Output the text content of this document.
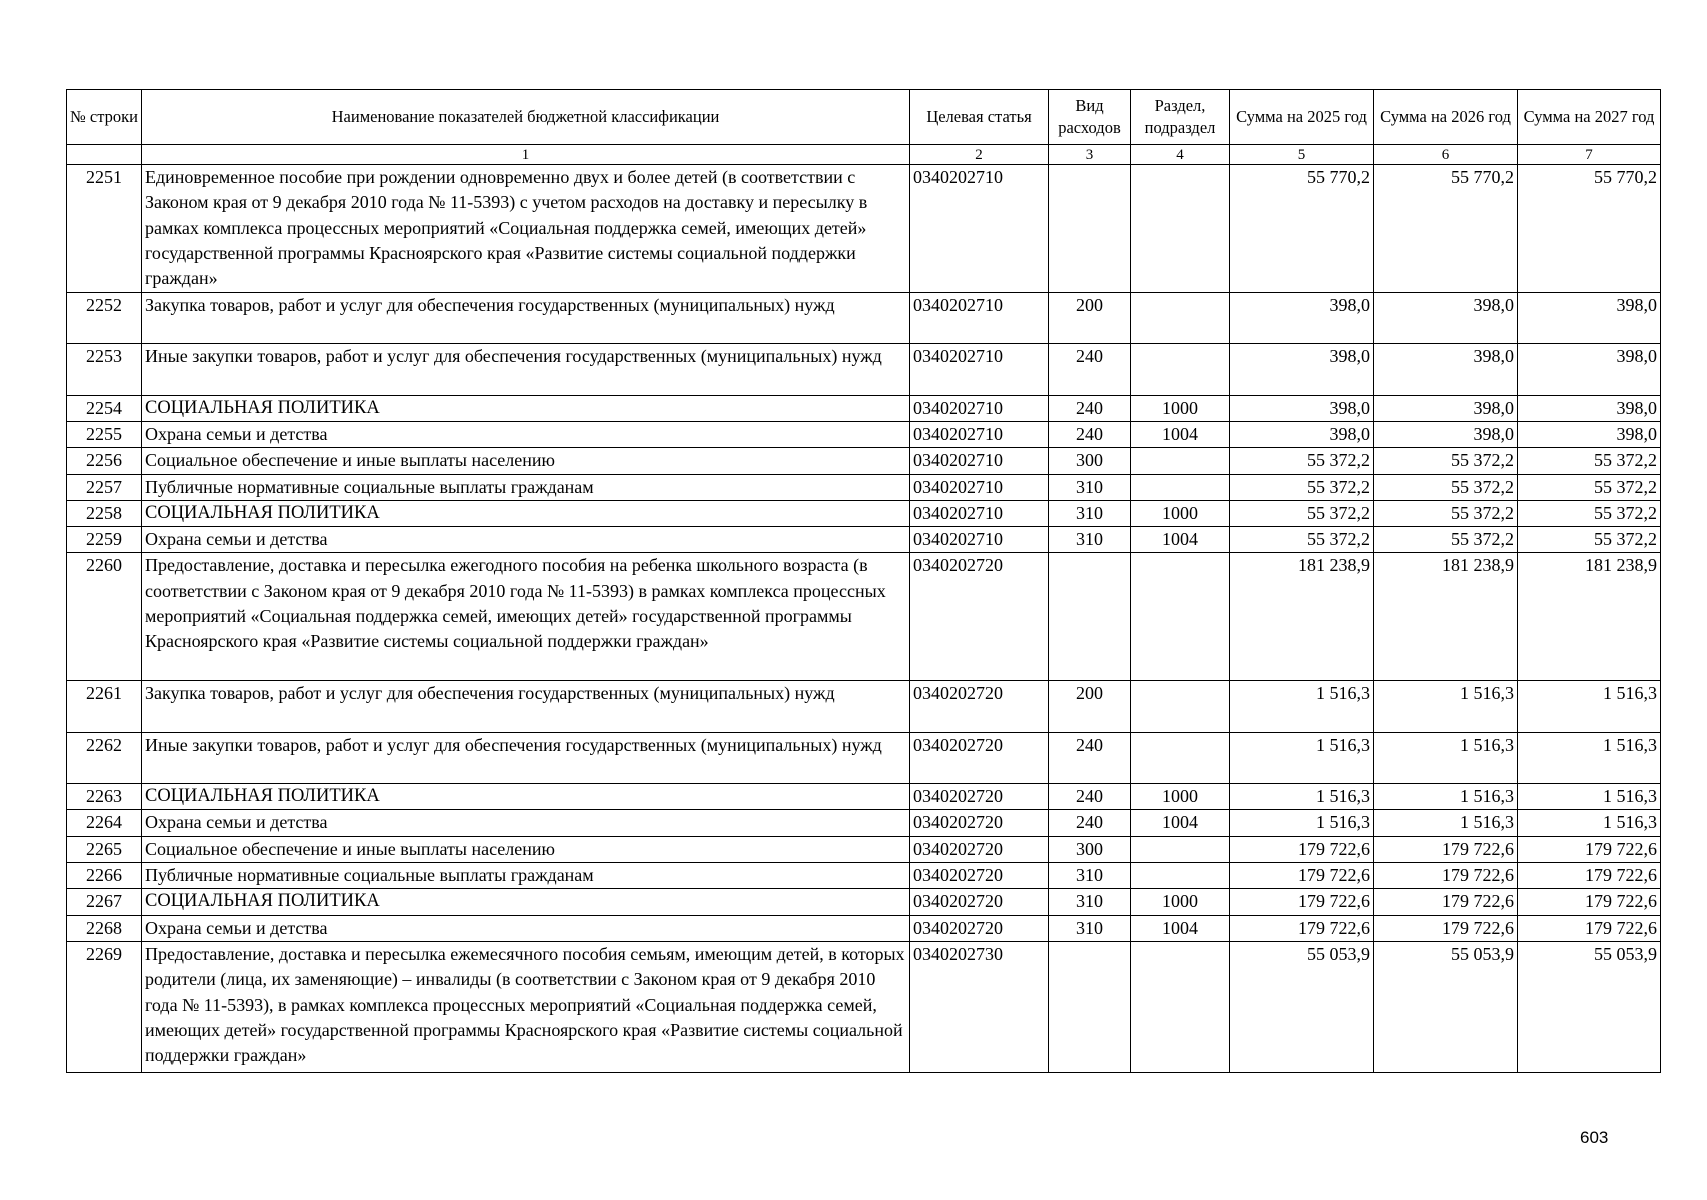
№ строки	Наименование показателей бюджетной классификации	Целевая статья	Вид расходов	Раздел, подраздел	Сумма на 2025 год	Сумма на 2026 год	Сумма на 2027 год
	1	2	3	4	5	6	7
2251	Единовременное пособие при рождении одновременно двух и более детей (в соответствии с Законом края от 9 декабря 2010 года № 11-5393) с учетом расходов на доставку и пересылку в рамках комплекса процессных мероприятий «Социальная поддержка семей, имеющих детей» государственной программы Красноярского края «Развитие системы социальной поддержки граждан»	0340202710			55 770,2	55 770,2	55 770,2
2252	Закупка товаров, работ и услуг для обеспечения государственных (муниципальных) нужд	0340202710	200		398,0	398,0	398,0
2253	Иные закупки товаров, работ и услуг для обеспечения государственных (муниципальных) нужд	0340202710	240		398,0	398,0	398,0
2254	СОЦИАЛЬНАЯ ПОЛИТИКА	0340202710	240	1000	398,0	398,0	398,0
2255	Охрана семьи и детства	0340202710	240	1004	398,0	398,0	398,0
2256	Социальное обеспечение и иные выплаты населению	0340202710	300		55 372,2	55 372,2	55 372,2
2257	Публичные нормативные социальные выплаты гражданам	0340202710	310		55 372,2	55 372,2	55 372,2
2258	СОЦИАЛЬНАЯ ПОЛИТИКА	0340202710	310	1000	55 372,2	55 372,2	55 372,2
2259	Охрана семьи и детства	0340202710	310	1004	55 372,2	55 372,2	55 372,2
2260	Предоставление, доставка и пересылка ежегодного пособия на ребенка школьного возраста (в соответствии с Законом края от 9 декабря 2010 года № 11-5393) в рамках комплекса процессных мероприятий «Социальная поддержка семей, имеющих детей» государственной программы Красноярского края «Развитие системы социальной поддержки граждан»	0340202720			181 238,9	181 238,9	181 238,9
2261	Закупка товаров, работ и услуг для обеспечения государственных (муниципальных) нужд	0340202720	200		1 516,3	1 516,3	1 516,3
2262	Иные закупки товаров, работ и услуг для обеспечения государственных (муниципальных) нужд	0340202720	240		1 516,3	1 516,3	1 516,3
2263	СОЦИАЛЬНАЯ ПОЛИТИКА	0340202720	240	1000	1 516,3	1 516,3	1 516,3
2264	Охрана семьи и детства	0340202720	240	1004	1 516,3	1 516,3	1 516,3
2265	Социальное обеспечение и иные выплаты населению	0340202720	300		179 722,6	179 722,6	179 722,6
2266	Публичные нормативные социальные выплаты гражданам	0340202720	310		179 722,6	179 722,6	179 722,6
2267	СОЦИАЛЬНАЯ ПОЛИТИКА	0340202720	310	1000	179 722,6	179 722,6	179 722,6
2268	Охрана семьи и детства	0340202720	310	1004	179 722,6	179 722,6	179 722,6
2269	Предоставление, доставка и пересылка ежемесячного пособия семьям, имеющим детей, в которых родители (лица, их заменяющие) – инвалиды (в соответствии с Законом края от 9 декабря 2010 года № 11-5393), в рамках комплекса процессных мероприятий «Социальная поддержка семей, имеющих детей» государственной программы Красноярского края «Развитие системы социальной поддержки граждан»	0340202730			55 053,9	55 053,9	55 053,9
603
